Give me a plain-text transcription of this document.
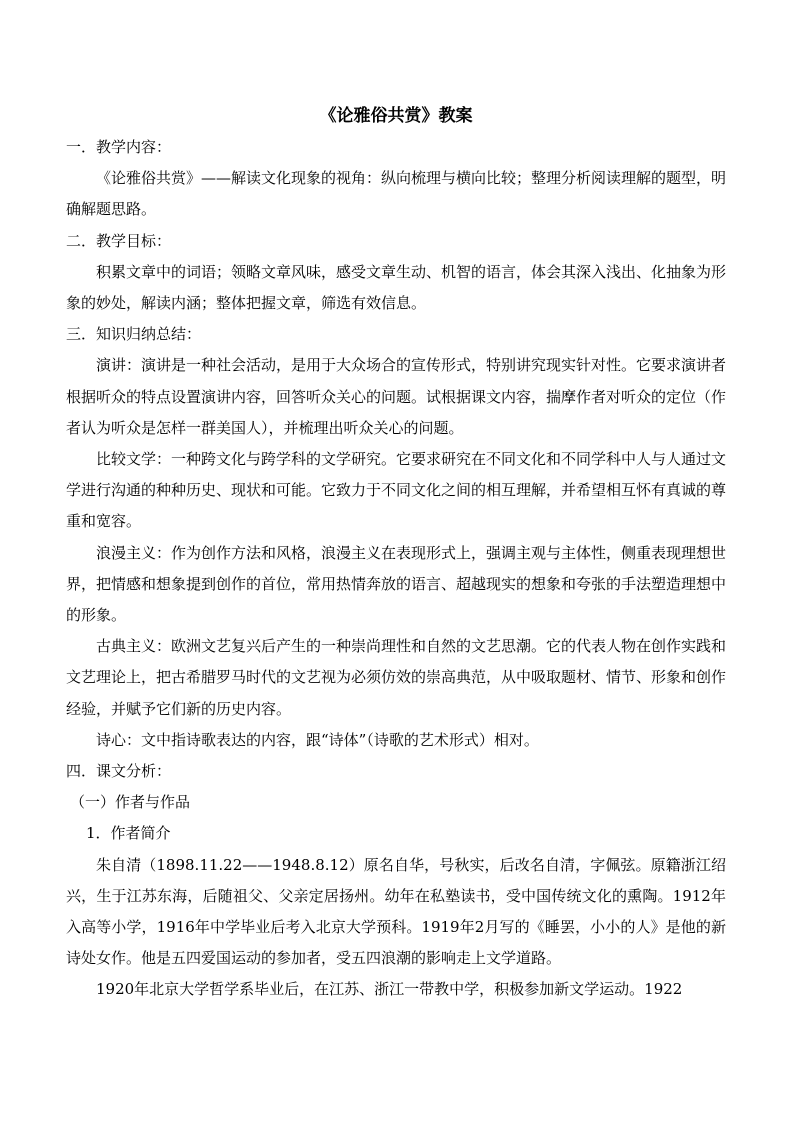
《论雅俗共赏》教案
一．教学内容：
《论雅俗共赏》——解读文化现象的视角：纵向梳理与横向比较；整理分析阅读理解的题型，明确解题思路。
二．教学目标：
积累文章中的词语；领略文章风味，感受文章生动、机智的语言，体会其深入浅出、化抽象为形象的妙处，解读内涵；整体把握文章，筛选有效信息。
三．知识归纳总结：
演讲：演讲是一种社会活动，是用于大众场合的宣传形式，特别讲究现实针对性。它要求演讲者根据听众的特点设置演讲内容，回答听众关心的问题。试根据课文内容，揣摩作者对听众的定位（作者认为听众是怎样一群美国人），并梳理出听众关心的问题。
比较文学：一种跨文化与跨学科的文学研究。它要求研究在不同文化和不同学科中人与人通过文学进行沟通的种种历史、现状和可能。它致力于不同文化之间的相互理解，并希望相互怀有真诚的尊重和宽容。
浪漫主义：作为创作方法和风格，浪漫主义在表现形式上，强调主观与主体性，侧重表现理想世界，把情感和想象提到创作的首位，常用热情奔放的语言、超越现实的想象和夸张的手法塑造理想中的形象。
古典主义：欧洲文艺复兴后产生的一种崇尚理性和自然的文艺思潮。它的代表人物在创作实践和文艺理论上，把古希腊罗马时代的文艺视为必须仿效的崇高典范，从中吸取题材、情节、形象和创作经验，并赋予它们新的历史内容。
诗心：文中指诗歌表达的内容，跟“诗体”（诗歌的艺术形式）相对。
四．课文分析：
（一）作者与作品
1．作者简介
朱自清（1898.11.22——1948.8.12）原名自华，号秋实，后改名自清，字佩弦。原籍浙江绍兴，生于江苏东海，后随祖父、父亲定居扬州。幼年在私塾读书，受中国传统文化的熏陶。1912年入高等小学，1916年中学毕业后考入北京大学预科。1919年2月写的《睡罢，小小的人》是他的新诗处女作。他是五四爱国运动的参加者，受五四浪潮的影响走上文学道路。
1920年北京大学哲学系毕业后，在江苏、浙江一带教中学，积极参加新文学运动。1922
